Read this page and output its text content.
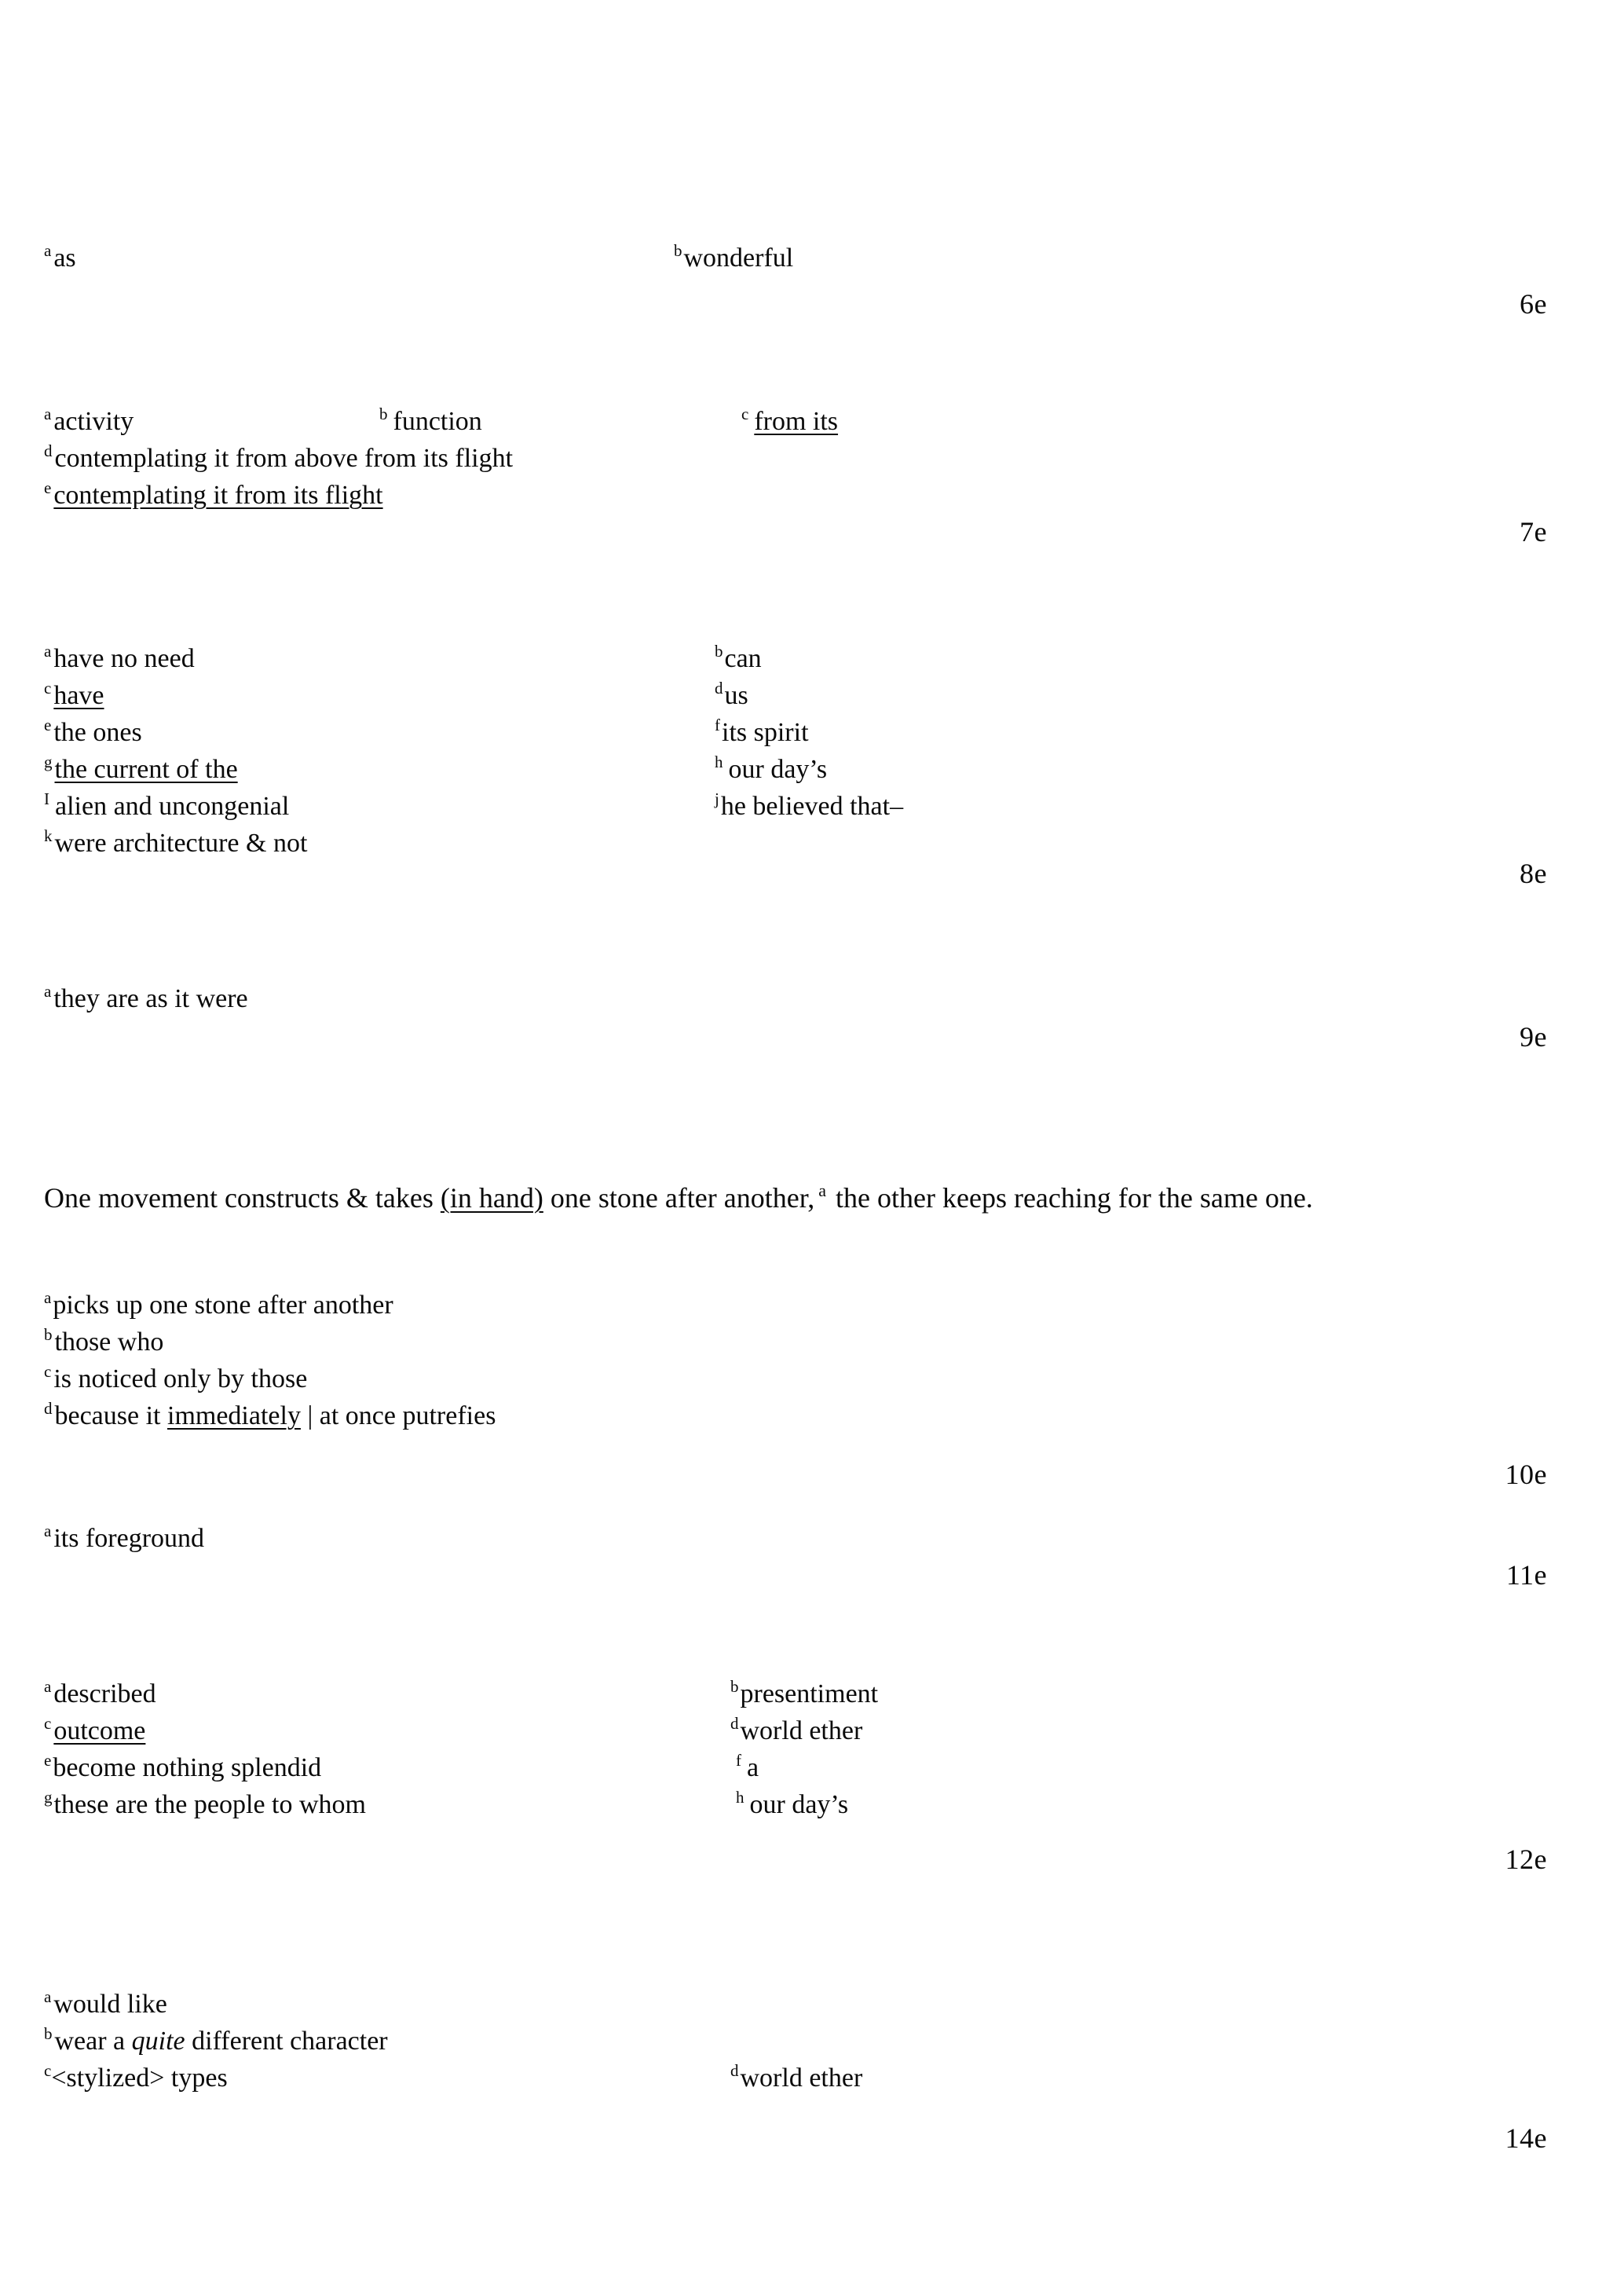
$^a$as	$^b$wonderful
6e
$^a$activity	$^b$ function	$^c$ from its
$^d$contemplating it from above from its flight
$^e$contemplating it from its flight
7e
$^a$have no need	$^b$can
$^c$have	$^d$us
$^e$the ones	$^f$its spirit
$^g$the current of the	$^h$ our day’s
$^I$ alien and uncongenial	$^j$he believed that–
$^k$were architecture & not
8e
$^a$they are as it were
9e
One movement constructs & takes (in hand) one stone after another, $^a$ the other keeps reaching for the same one.
$^a$picks up one stone after another
$^b$those who
$^c$is noticed only by those
$^d$because it immediately | at once putrefies
10e
$^a$its foreground
11e
$^a$described	$^b$presentiment
$^c$outcome	$^d$world ether
$^e$become nothing splendid	$^f$ a
$^g$these are the people to whom	$^h$ our day’s
12e
$^a$would like
$^b$wear a quite different character
$^c$<stylized> types	$^d$world ether
14e
